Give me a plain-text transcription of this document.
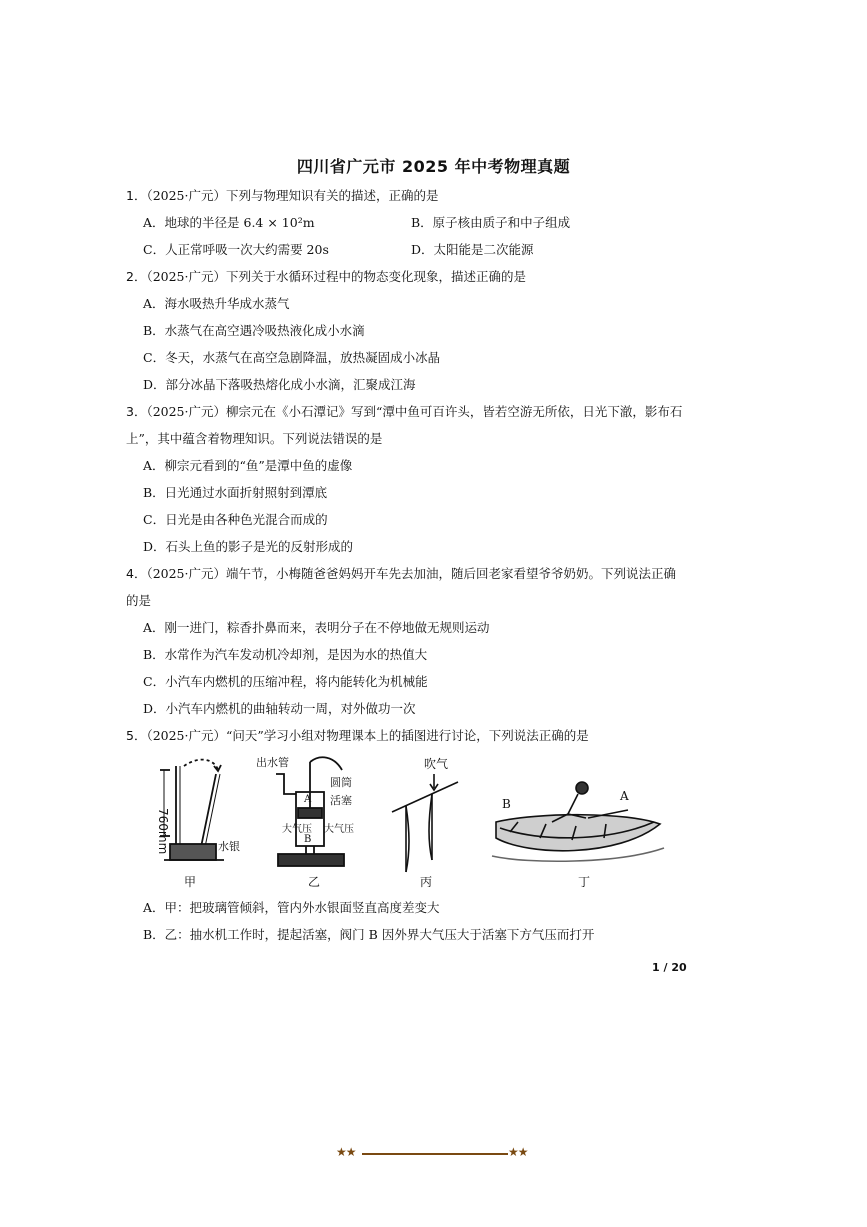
四川省广元市 2025 年中考物理真题
1．（2025·广元）下列与物理知识有关的描述，正确的是
A．地球的半径是 6.4 × 10²m	B．原子核由质子和中子组成
C．人正常呼吸一次大约需要 20s	D．太阳能是二次能源
2．（2025·广元）下列关于水循环过程中的物态变化现象，描述正确的是
A．海水吸热升华成水蒸气
B．水蒸气在高空遇冷吸热液化成小水滴
C．冬天，水蒸气在高空急剧降温，放热凝固成小冰晶
D．部分冰晶下落吸热熔化成小水滴，汇聚成江海
3．（2025·广元）柳宗元在《小石潭记》写到“潭中鱼可百许头，皆若空游无所依，日光下澈，影布石
上”，其中蕴含着物理知识。下列说法错误的是
A．柳宗元看到的“鱼”是潭中鱼的虚像
B．日光通过水面折射照射到潭底
C．日光是由各种色光混合而成的
D．石头上鱼的影子是光的反射形成的
4．（2025·广元）端午节，小梅随爸爸妈妈开车先去加油，随后回老家看望爷爷奶奶。下列说法正确
的是
A．刚一进门，粽香扑鼻而来，表明分子在不停地做无规则运动
B．水常作为汽车发动机冷却剂，是因为水的热值大
C．小汽车内燃机的压缩冲程，将内能转化为机械能
D．小汽车内燃机的曲轴转动一周，对外做功一次
5．（2025·广元）“问天”学习小组对物理课本上的插图进行讨论，下列说法正确的是
760mm	水银
甲
出水管
圆筒
活塞
A
B
大气压 大气压
乙
吹气
丙
B
A
丁
A．甲：把玻璃管倾斜，管内外水银面竖直高度差变大
B．乙：抽水机工作时，提起活塞，阀门 B 因外界大气压大于活塞下方气压而打开
1 / 20
★★	★★
